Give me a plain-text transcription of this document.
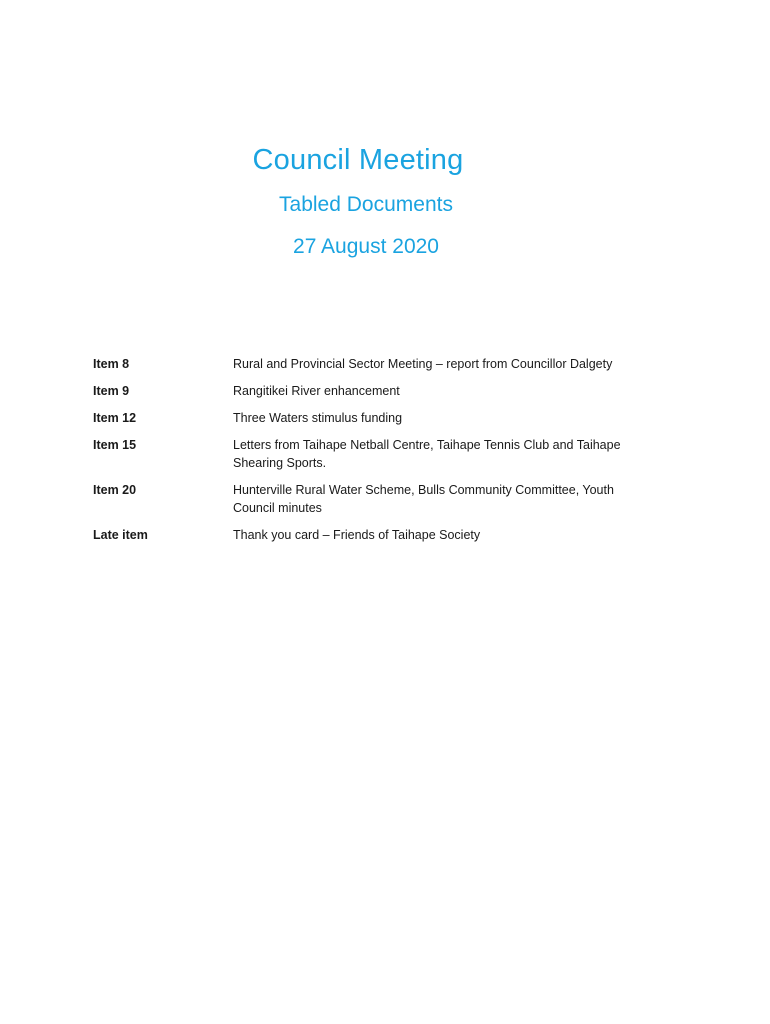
Council Meeting
Tabled Documents
27 August 2020
Item 8	Rural and Provincial Sector Meeting – report from Councillor Dalgety
Item 9	Rangitikei River enhancement
Item 12	Three Waters stimulus funding
Item 15	Letters from Taihape Netball Centre, Taihape Tennis Club and Taihape Shearing Sports.
Item 20	Hunterville Rural Water Scheme, Bulls Community Committee, Youth Council minutes
Late item	Thank you card – Friends of Taihape Society
